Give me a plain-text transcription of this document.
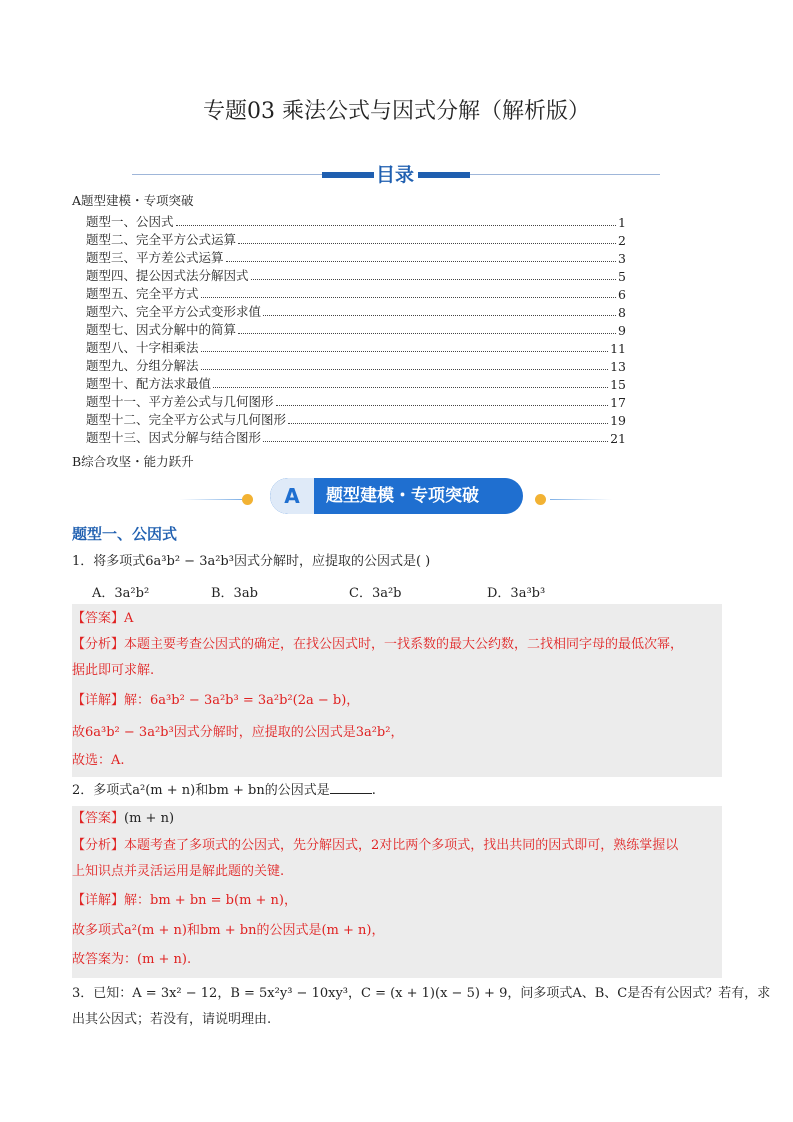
专题03 乘法公式与因式分解（解析版）
目录
A题型建模・专项突破
题型一、公因式	1
题型二、完全平方公式运算	2
题型三、平方差公式运算	3
题型四、提公因式法分解因式	5
题型五、完全平方式	6
题型六、完全平方公式变形求值	8
题型七、因式分解中的简算	9
题型八、十字相乘法	11
题型九、分组分解法	13
题型十、配方法求最值	15
题型十一、平方差公式与几何图形	17
题型十二、完全平方公式与几何图形	19
题型十三、因式分解与结合图形	21
B综合攻坚・能力跃升
A	题型建模・专项突破
题型一、公因式
1．将多项式6a³b² − 3a²b³因式分解时，应提取的公因式是( )
A．3a²b²	B．3ab	C．3a²b	D．3a³b³
【答案】A
【分析】本题主要考查公因式的确定，在找公因式时，一找系数的最大公约数，二找相同字母的最低次幂，
据此即可求解.
【详解】解：6a³b² − 3a²b³ = 3a²b²(2a − b)，
故6a³b² − 3a²b³因式分解时，应提取的公因式是3a²b²，
故选：A.
2．多项式a²(m + n)和bm + bn的公因式是	.
【答案】(m + n)
【分析】本题考查了多项式的公因式，先分解因式，2对比两个多项式，找出共同的因式即可，熟练掌握以
上知识点并灵活运用是解此题的关键.
【详解】解：bm + bn = b(m + n)，
故多项式a²(m + n)和bm + bn的公因式是(m + n)，
故答案为：(m + n).
3．已知：A = 3x² − 12，B = 5x²y³ − 10xy³，C = (x + 1)(x − 5) + 9，问多项式A、B、C是否有公因式？若有，求
出其公因式；若没有，请说明理由.
